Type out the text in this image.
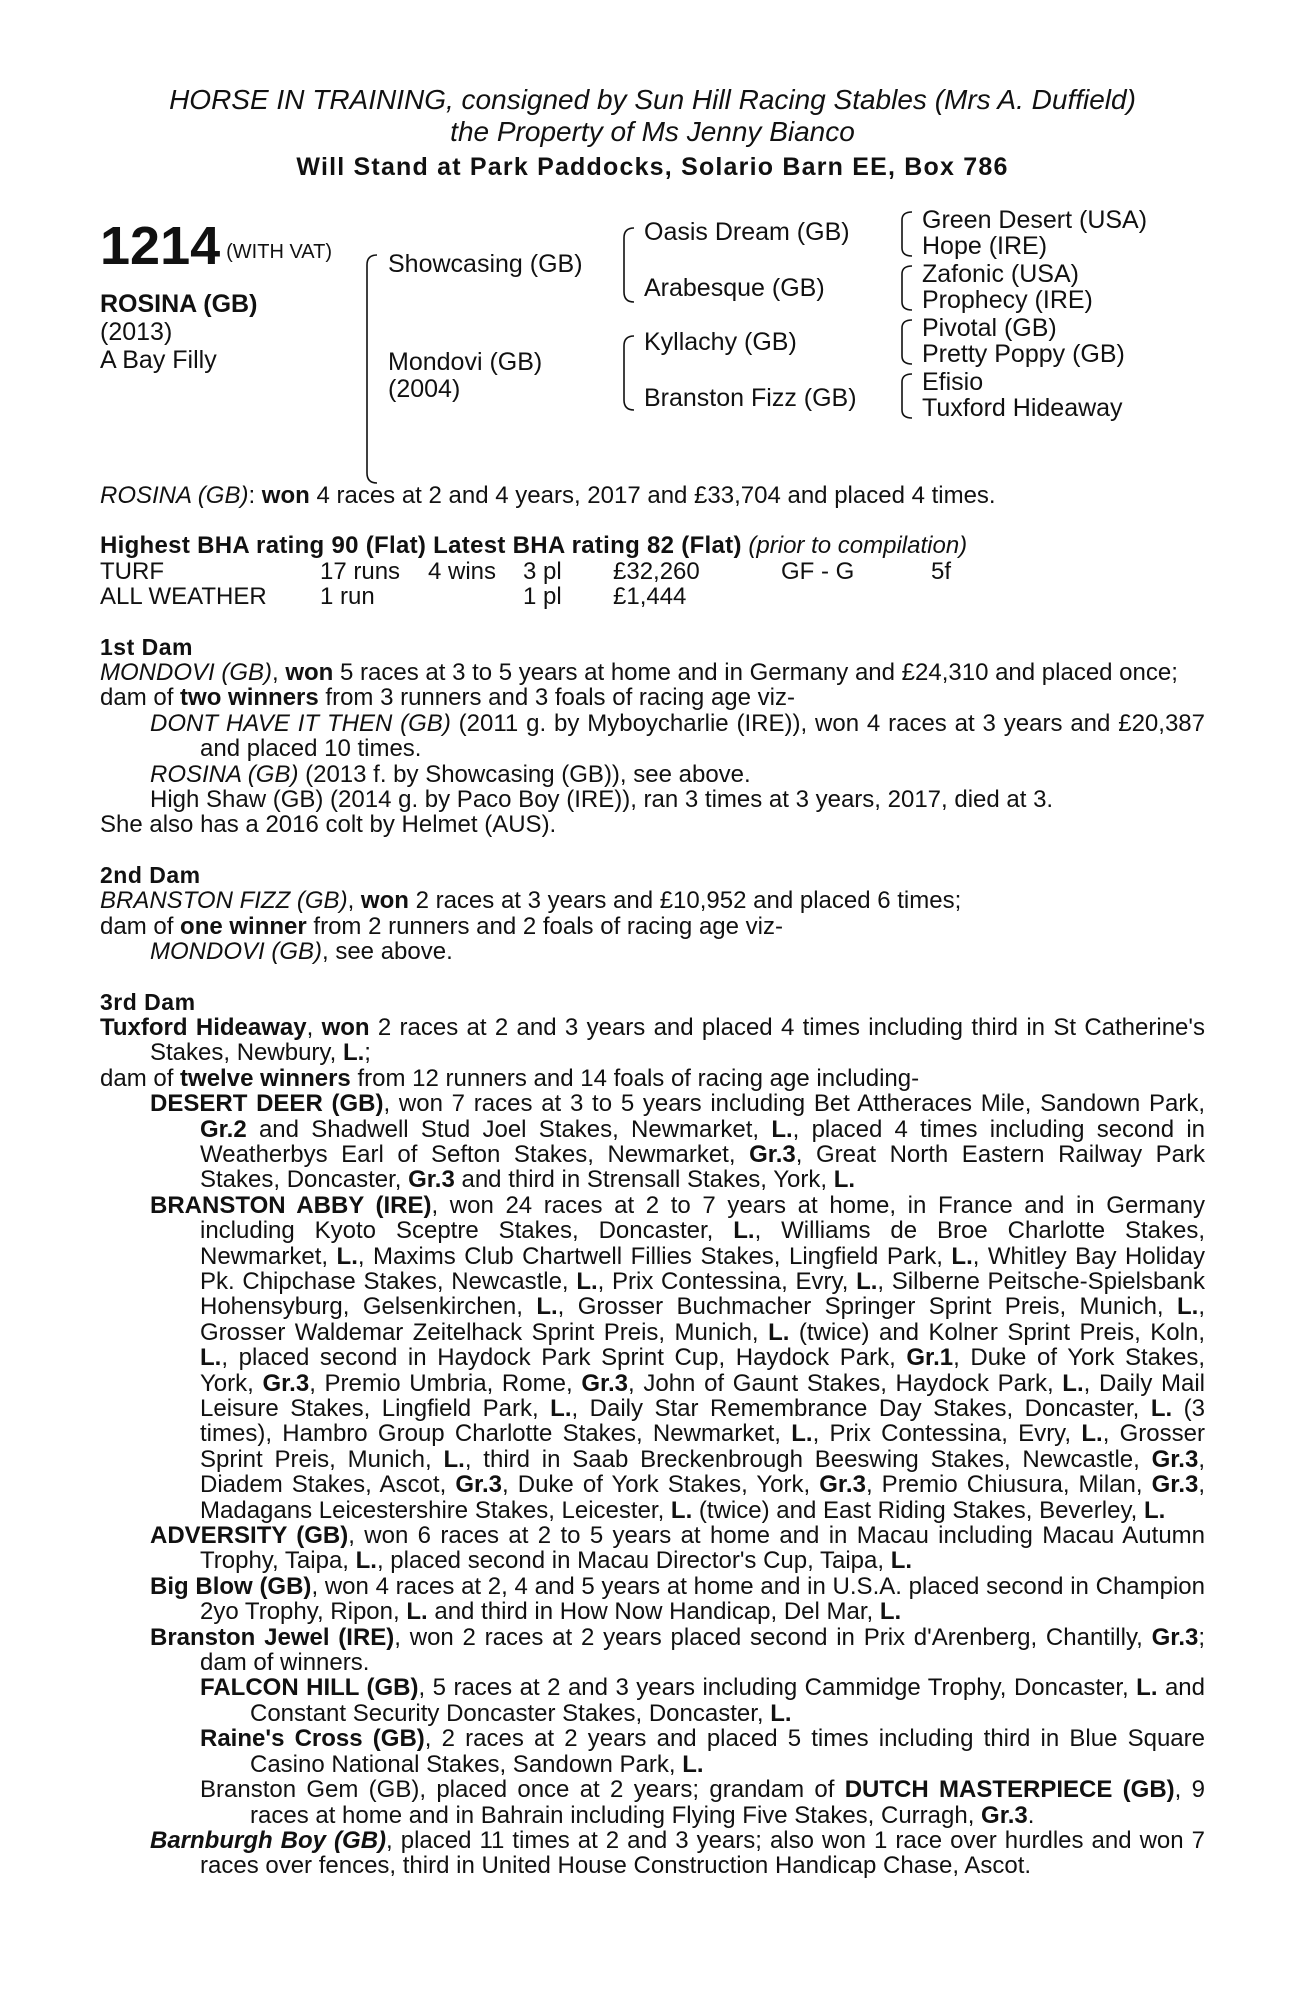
HORSE IN TRAINING, consigned by Sun Hill Racing Stables (Mrs A. Duffield)
the Property of Ms Jenny Bianco
Will Stand at Park Paddocks, Solario Barn EE, Box 786
1214 $^{(WITH VAT)}$
ROSINA (GB)
(2013)
A Bay Filly
Showcasing (GB)
Mondovi (GB)
(2004)
Oasis Dream (GB)
Arabesque (GB)
Kyllachy (GB)
Branston Fizz (GB)
Green Desert (USA)
Hope (IRE)
Zafonic (USA)
Prophecy (IRE)
Pivotal (GB)
Pretty Poppy (GB)
Efisio
Tuxford Hideaway

ROSINA (GB): won 4 races at 2 and 4 years, 2017 and £33,704 and placed 4 times.

Highest BHA rating 90 (Flat) Latest BHA rating 82 (Flat) (prior to compilation)

TURF	17 runs	4 wins	3 pl	£32,260	GF - G	5f
ALL WEATHER	1 run		1 pl	£1,444		

1st Dam

MONDOVI (GB), won 5 races at 3 to 5 years at home and in Germany and £24,310 and placed once;

dam of two winners from 3 runners and 3 foals of racing age viz-

DONT HAVE IT THEN (GB) (2011 g. by Myboycharlie (IRE)), won 4 races at 3 years and £20,387 and placed 10 times.

ROSINA (GB) (2013 f. by Showcasing (GB)), see above.

High Shaw (GB) (2014 g. by Paco Boy (IRE)), ran 3 times at 3 years, 2017, died at 3.

She also has a 2016 colt by Helmet (AUS).

2nd Dam

BRANSTON FIZZ (GB), won 2 races at 3 years and £10,952 and placed 6 times;

dam of one winner from 2 runners and 2 foals of racing age viz-

MONDOVI (GB), see above.

3rd Dam

Tuxford Hideaway, won 2 races at 2 and 3 years and placed 4 times including third in St Catherine's Stakes, Newbury, L.;

dam of twelve winners from 12 runners and 14 foals of racing age including-

DESERT DEER (GB), won 7 races at 3 to 5 years including Bet Attheraces Mile, Sandown Park, Gr.2 and Shadwell Stud Joel Stakes, Newmarket, L., placed 4 times including second in Weatherbys Earl of Sefton Stakes, Newmarket, Gr.3, Great North Eastern Railway Park Stakes, Doncaster, Gr.3 and third in Strensall Stakes, York, L.

BRANSTON ABBY (IRE), won 24 races at 2 to 7 years at home, in France and in Germany including Kyoto Sceptre Stakes, Doncaster, L., Williams de Broe Charlotte Stakes, Newmarket, L., Maxims Club Chartwell Fillies Stakes, Lingfield Park, L., Whitley Bay Holiday Pk. Chipchase Stakes, Newcastle, L., Prix Contessina, Evry, L., Silberne Peitsche-Spielsbank Hohensyburg, Gelsenkirchen, L., Grosser Buchmacher Springer Sprint Preis, Munich, L., Grosser Waldemar Zeitelhack Sprint Preis, Munich, L. (twice) and Kolner Sprint Preis, Koln, L., placed second in Haydock Park Sprint Cup, Haydock Park, Gr.1, Duke of York Stakes, York, Gr.3, Premio Umbria, Rome, Gr.3, John of Gaunt Stakes, Haydock Park, L., Daily Mail Leisure Stakes, Lingfield Park, L., Daily Star Remembrance Day Stakes, Doncaster, L. (3 times), Hambro Group Charlotte Stakes, Newmarket, L., Prix Contessina, Evry, L., Grosser Sprint Preis, Munich, L., third in Saab Breckenbrough Beeswing Stakes, Newcastle, Gr.3, Diadem Stakes, Ascot, Gr.3, Duke of York Stakes, York, Gr.3, Premio Chiusura, Milan, Gr.3, Madagans Leicestershire Stakes, Leicester, L. (twice) and East Riding Stakes, Beverley, L.

ADVERSITY (GB), won 6 races at 2 to 5 years at home and in Macau including Macau Autumn Trophy, Taipa, L., placed second in Macau Director's Cup, Taipa, L.

Big Blow (GB), won 4 races at 2, 4 and 5 years at home and in U.S.A. placed second in Champion 2yo Trophy, Ripon, L. and third in How Now Handicap, Del Mar, L.

Branston Jewel (IRE), won 2 races at 2 years placed second in Prix d'Arenberg, Chantilly, Gr.3; dam of winners.

FALCON HILL (GB), 5 races at 2 and 3 years including Cammidge Trophy, Doncaster, L. and Constant Security Doncaster Stakes, Doncaster, L.

Raine's Cross (GB), 2 races at 2 years and placed 5 times including third in Blue Square Casino National Stakes, Sandown Park, L.

Branston Gem (GB), placed once at 2 years; grandam of DUTCH MASTERPIECE (GB), 9 races at home and in Bahrain including Flying Five Stakes, Curragh, Gr.3.

Barnburgh Boy (GB), placed 11 times at 2 and 3 years; also won 1 race over hurdles and won 7 races over fences, third in United House Construction Handicap Chase, Ascot.
